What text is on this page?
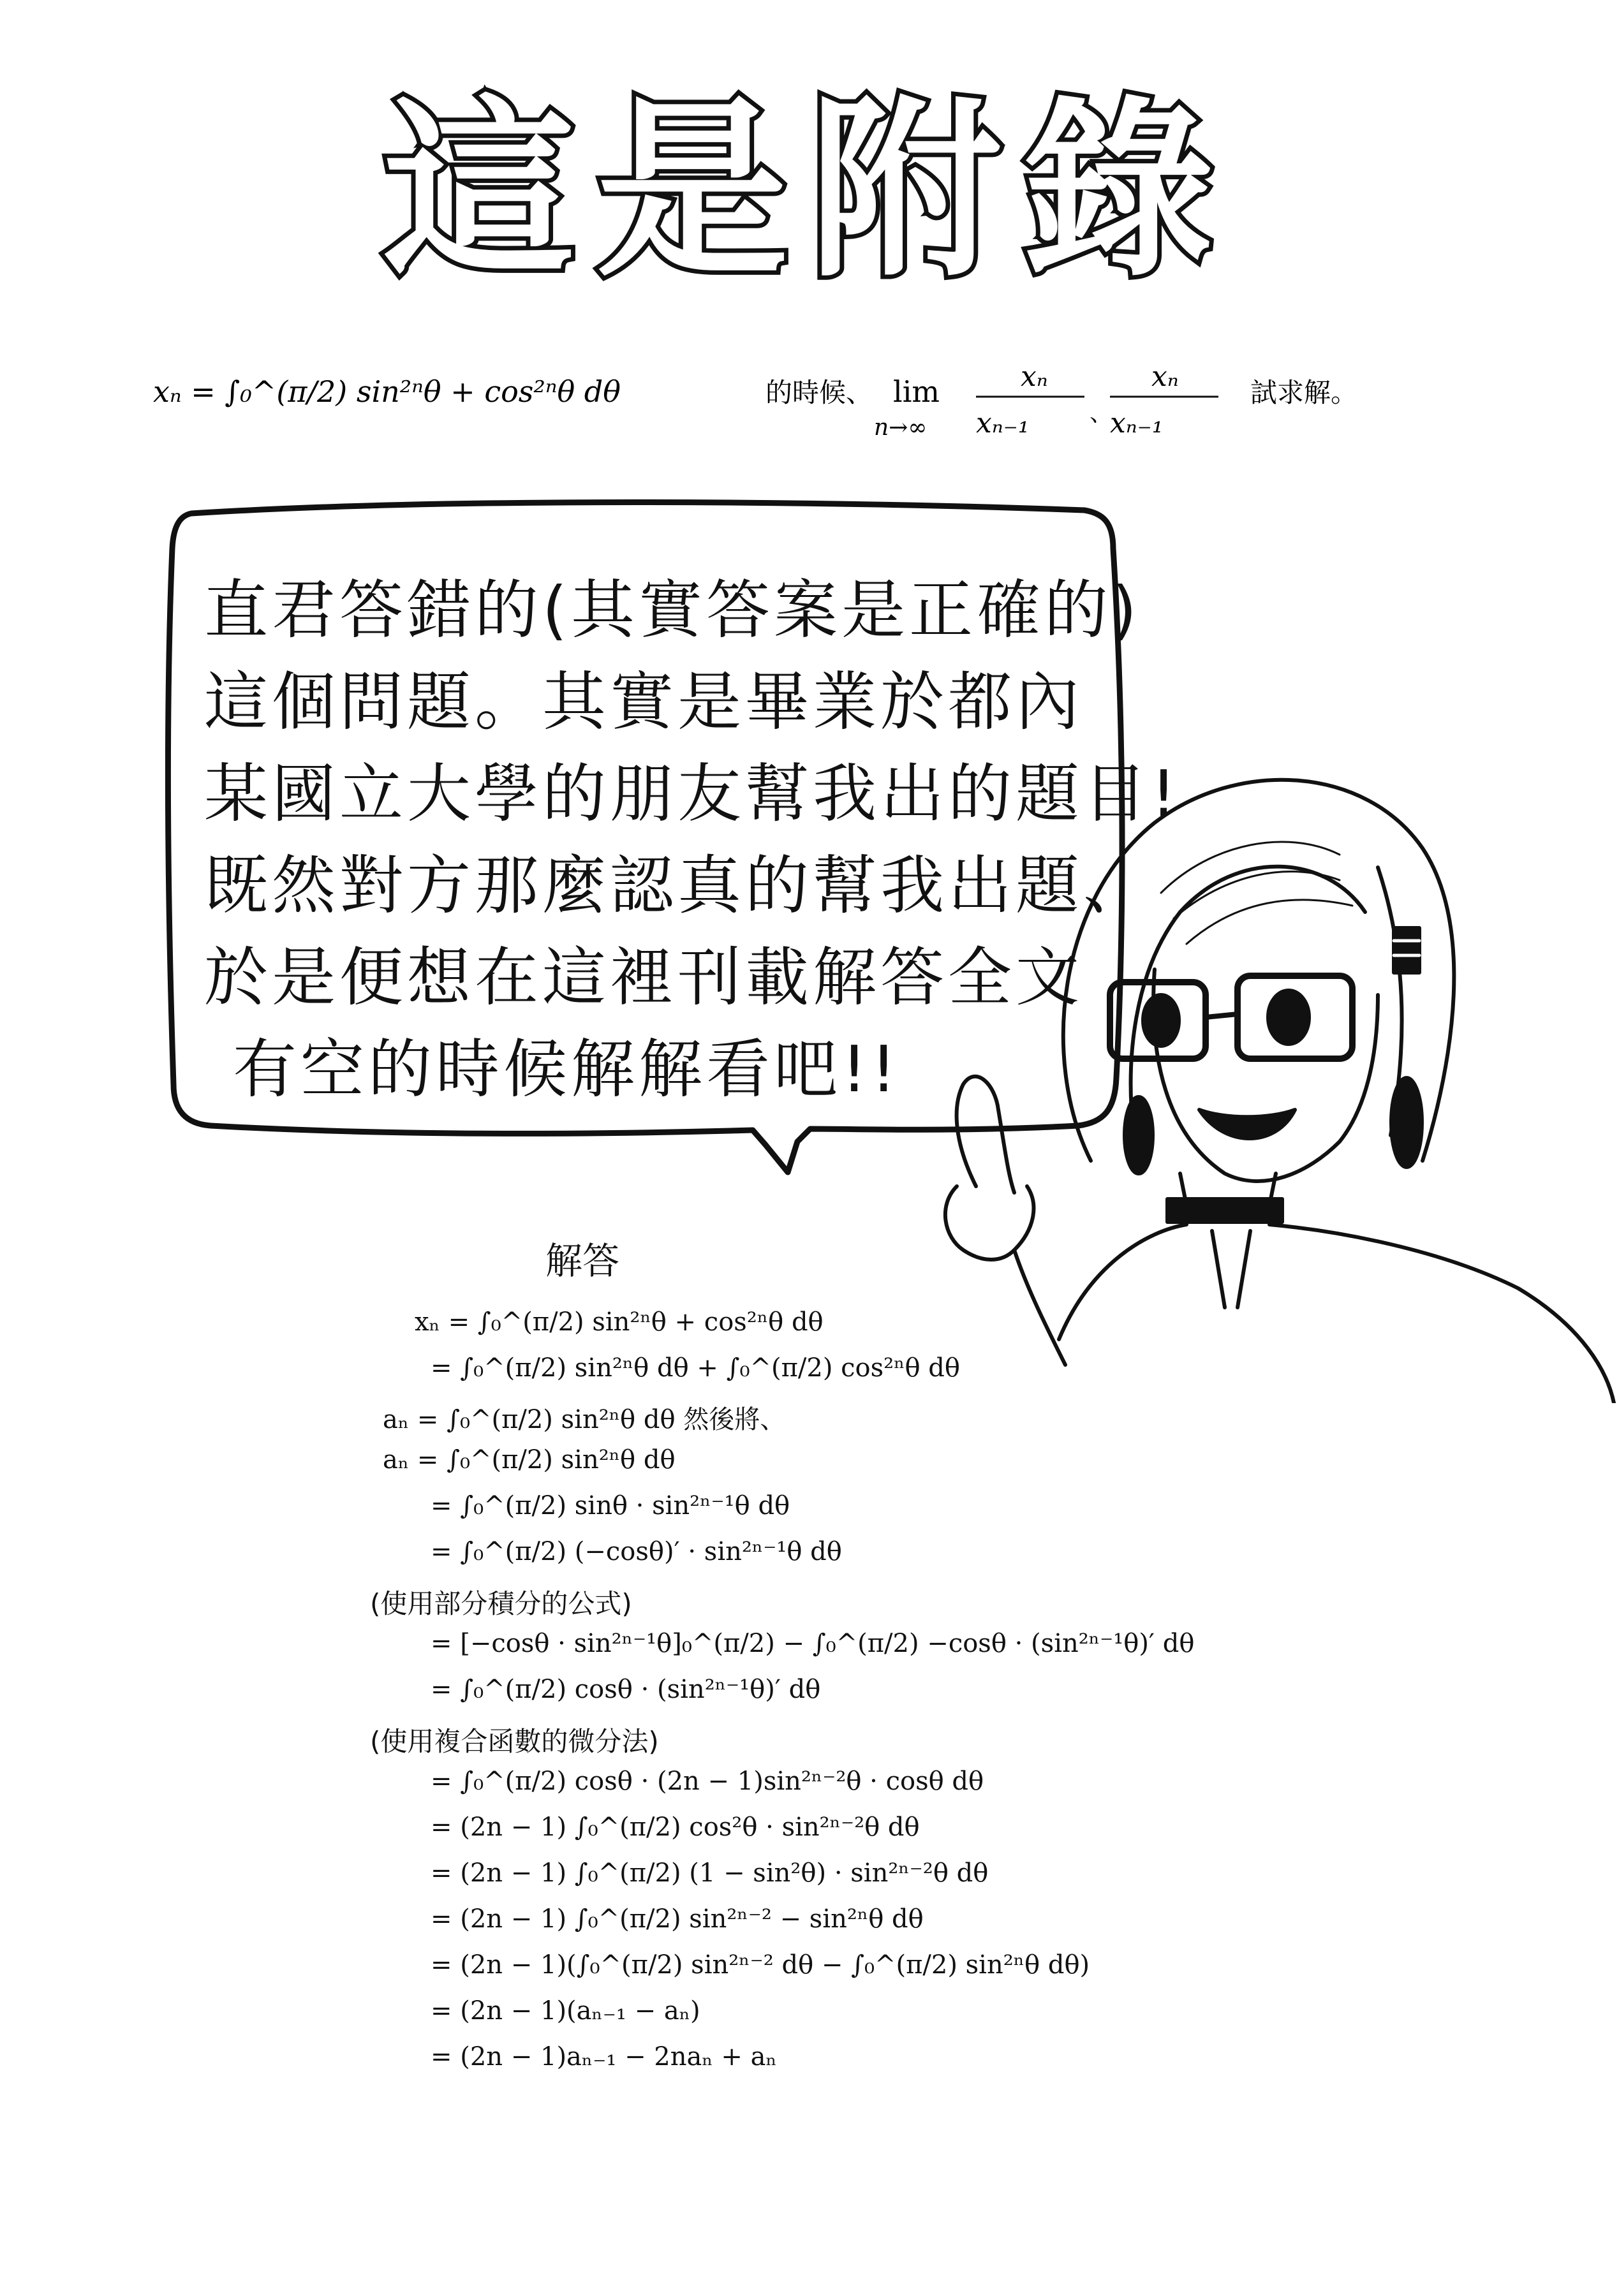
這是附錄
xₙ = ∫₀^(π/2) sin²ⁿθ + cos²ⁿθ dθ	的時候、 lim
n→∞
xₙ
xₙ₋₁	、
xₙ
xₙ₋₁
試求解。
直君答錯的(其實答案是正確的)
這個問題。其實是畢業於都內
某國立大學的朋友幫我出的題目!
既然對方那麼認真的幫我出題、
於是便想在這裡刊載解答全文
有空的時候解解看吧!!
解答
xₙ = ∫₀^(π/2) sin²ⁿθ + cos²ⁿθ dθ
= ∫₀^(π/2) sin²ⁿθ dθ + ∫₀^(π/2) cos²ⁿθ dθ
aₙ = ∫₀^(π/2) sin²ⁿθ dθ 然後將、
aₙ = ∫₀^(π/2) sin²ⁿθ dθ
= ∫₀^(π/2) sinθ · sin²ⁿ⁻¹θ dθ
= ∫₀^(π/2) (−cosθ)′ · sin²ⁿ⁻¹θ dθ
(使用部分積分的公式)
= [−cosθ · sin²ⁿ⁻¹θ]₀^(π/2) − ∫₀^(π/2) −cosθ · (sin²ⁿ⁻¹θ)′ dθ
= ∫₀^(π/2) cosθ · (sin²ⁿ⁻¹θ)′ dθ
(使用複合函數的微分法)
= ∫₀^(π/2) cosθ · (2n − 1)sin²ⁿ⁻²θ · cosθ dθ
= (2n − 1) ∫₀^(π/2) cos²θ · sin²ⁿ⁻²θ dθ
= (2n − 1) ∫₀^(π/2) (1 − sin²θ) · sin²ⁿ⁻²θ dθ
= (2n − 1) ∫₀^(π/2) sin²ⁿ⁻² − sin²ⁿθ dθ
= (2n − 1)(∫₀^(π/2) sin²ⁿ⁻² dθ − ∫₀^(π/2) sin²ⁿθ dθ)
= (2n − 1)(aₙ₋₁ − aₙ)
= (2n − 1)aₙ₋₁ − 2naₙ + aₙ
